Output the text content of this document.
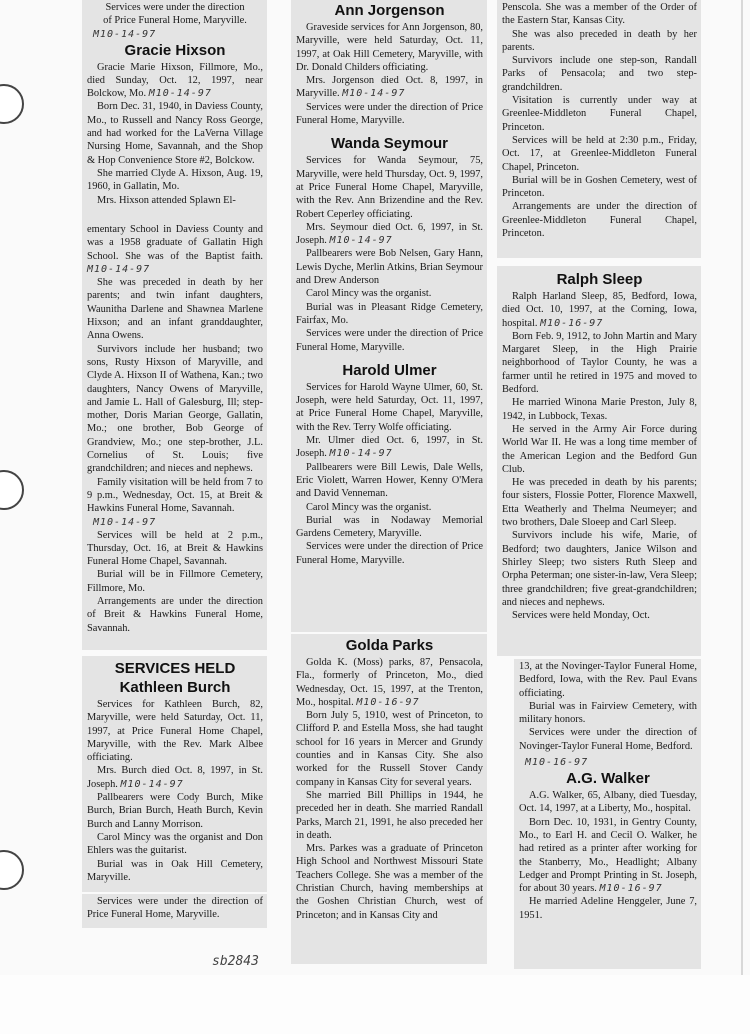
Services were under the direction

of Price Funeral Home, Maryville.

M10-14-97
Gracie Hixson

Gracie Marie Hixson, Fillmore, Mo., died Sunday, Oct. 12, 1997, near Bolckow, Mo. M10-14-97

Born Dec. 31, 1940, in Daviess County, Mo., to Russell and Nancy Ross George, and had worked for the LaVerna Village Nursing Home, Savannah, and the Shop & Hop Convenience Store #2, Bolckow.

She married Clyde A. Hixson, Aug. 19, 1960, in Gallatin, Mo.

Mrs. Hixson attended Splawn El-

ementary School in Daviess County and was a 1958 graduate of Gallatin High School. She was of the Baptist faith. M10-14-97

She was preceded in death by her parents; and twin infant daughters, Waunitha Darlene and Shawnea Marlene Hixson; and an infant granddaughter, Anna Owens.

Survivors include her husband; two sons, Rusty Hixson of Maryville, and Clyde A. Hixson II of Wathena, Kan.; two daughters, Nancy Owens of Maryville, and Jamie L. Hall of Galesburg, Ill; step-mother, Doris Marian George, Gallatin, Mo.; one brother, Bob George of Grandview, Mo.; one step-brother, J.L. Cornelius of St. Louis; five grandchildren; and nieces and nephews.

Family visitation will be held from 7 to 9 p.m., Wednesday, Oct. 15, at Breit & Hawkins Funeral Home, Savannah.

M10-14-97

Services will be held at 2 p.m., Thursday, Oct. 16, at Breit & Hawkins Funeral Home Chapel, Savannah.

Burial will be in Fillmore Cemetery, Fillmore, Mo.

Arrangements are under the direction of Breit & Hawkins Funeral Home, Savannah.

SERVICES HELD
Kathleen Burch

Services for Kathleen Burch, 82, Maryville, were held Saturday, Oct. 11, 1997, at Price Funeral Home Chapel, Maryville, with the Rev. Mark Albee officiating.

Mrs. Burch died Oct. 8, 1997, in St. Joseph. M10-14-97

Pallbearers were Cody Burch, Mike Burch, Brian Burch, Heath Burch, Kevin Burch and Lanny Morrison.

Carol Mincy was the organist and Don Ehlers was the guitarist.

Burial was in Oak Hill Cemetery, Maryville.

Services were under the direction of Price Funeral Home, Maryville.

Ann Jorgenson

Graveside services for Ann Jorgenson, 80, Maryville, were held Saturday, Oct. 11, 1997, at Oak Hill Cemetery, Maryville, with Dr. Donald Childers officiating.

Mrs. Jorgenson died Oct. 8, 1997, in Maryville. M10-14-97

Services were under the direction of Price Funeral Home, Maryville.

Wanda Seymour

Services for Wanda Seymour, 75, Maryville, were held Thursday, Oct. 9, 1997, at Price Funeral Home Chapel, Maryville, with the Rev. Ann Brizendine and the Rev. Robert Ceperley officiating.

Mrs. Seymour died Oct. 6, 1997, in St. Joseph. M10-14-97

Pallbearers were Bob Nelsen, Gary Hann, Lewis Dyche, Merlin Atkins, Brian Seymour and Drew Anderson

Carol Mincy was the organist.

Burial was in Pleasant Ridge Cemetery, Fairfax, Mo.

Services were under the direction of Price Funeral Home, Maryville.

Harold Ulmer

Services for Harold Wayne Ulmer, 60, St. Joseph, were held Saturday, Oct. 11, 1997, at Price Funeral Home Chapel, Maryville, with the Rev. Terry Wolfe officiating.

Mr. Ulmer died Oct. 6, 1997, in St. Joseph. M10-14-97

Pallbearers were Bill Lewis, Dale Wells, Eric Violett, Warren Hower, Kenny O'Mera and David Venneman.

Carol Mincy was the organist.

Burial was in Nodaway Memorial Gardens Cemetery, Maryville.

Services were under the direction of Price Funeral Home, Maryville.

Golda Parks

Golda K. (Moss) parks, 87, Pensacola, Fla., formerly of Princeton, Mo., died Wednesday, Oct. 15, 1997, at the Trenton, Mo., hospital. M10-16-97

Born July 5, 1910, west of Princeton, to Clifford P. and Estella Moss, she had taught school for 16 years in Mercer and Grundy counties and in Kansas City. She also worked for the Russell Stover Candy company in Kansas City for several years.

She married Bill Phillips in 1944, he preceded her in death. She married Randall Parks, March 21, 1991, he also preceded her in death.

Mrs. Parkes was a graduate of Princeton High School and Northwest Missouri State Teachers College. She was a member of the Christian Church, having memberships at the Goshen Christian Church, west of Princeton; and in Kansas City and

Penscola. She was a member of the Order of the Eastern Star, Kansas City.

She was also preceded in death by her parents.

Survivors include one step-son, Randall Parks of Pensacola; and two step-grandchildren.

Visitation is currently under way at Greenlee-Middleton Funeral Chapel, Princeton.

Services will be held at 2:30 p.m., Friday, Oct. 17, at Greenlee-Middleton Funeral Chapel, Princeton.

Burial will be in Goshen Cemetery, west of Princeton.

Arrangements are under the direction of Greenlee-Middleton Funeral Chapel, Princeton.

Ralph Sleep

Ralph Harland Sleep, 85, Bedford, Iowa, died Oct. 10, 1997, at the Corning, Iowa, hospital. M10-16-97

Born Feb. 9, 1912, to John Martin and Mary Margaret Sleep, in the High Prairie neighborhood of Taylor County, he was a farmer until he retired in 1975 and moved to Bedford.

He married Winona Marie Preston, July 8, 1942, in Lubbock, Texas.

He served in the Army Air Force during World War II. He was a long time member of the American Legion and the Bedford Gun Club.

He was preceded in death by his parents; four sisters, Flossie Potter, Florence Maxwell, Etta Weatherly and Thelma Neumeyer; and two brothers, Dale Sloeep and Carl Sleep.

Survivors include his wife, Marie, of Bedford; two daughters, Janice Wilson and Shirley Sleep; two sisters Ruth Sleep and Orpha Peterman; one sister-in-law, Vera Sleep; three grandchildren; five great-grandchildren; and nieces and nephews.

Services were held Monday, Oct.

13, at the Novinger-Taylor Funeral Home, Bedford, Iowa, with the Rev. Paul Evans officiating.

Burial was in Fairview Cemetery, with military honors.

Services were under the direction of Novinger-Taylor Funeral Home, Bedford.

M10-16-97
A.G. Walker

A.G. Walker, 65, Albany, died Tuesday, Oct. 14, 1997, at a Liberty, Mo., hospital.

Born Dec. 10, 1931, in Gentry County, Mo., to Earl H. and Cecil O. Walker, he had retired as a printer after working for the Stanberry, Mo., Headlight; Albany Ledger and Prompt Printing in St. Joseph, for about 30 years. M10-16-97

He married Adeline Henggeler, June 7, 1951.

sb2843
